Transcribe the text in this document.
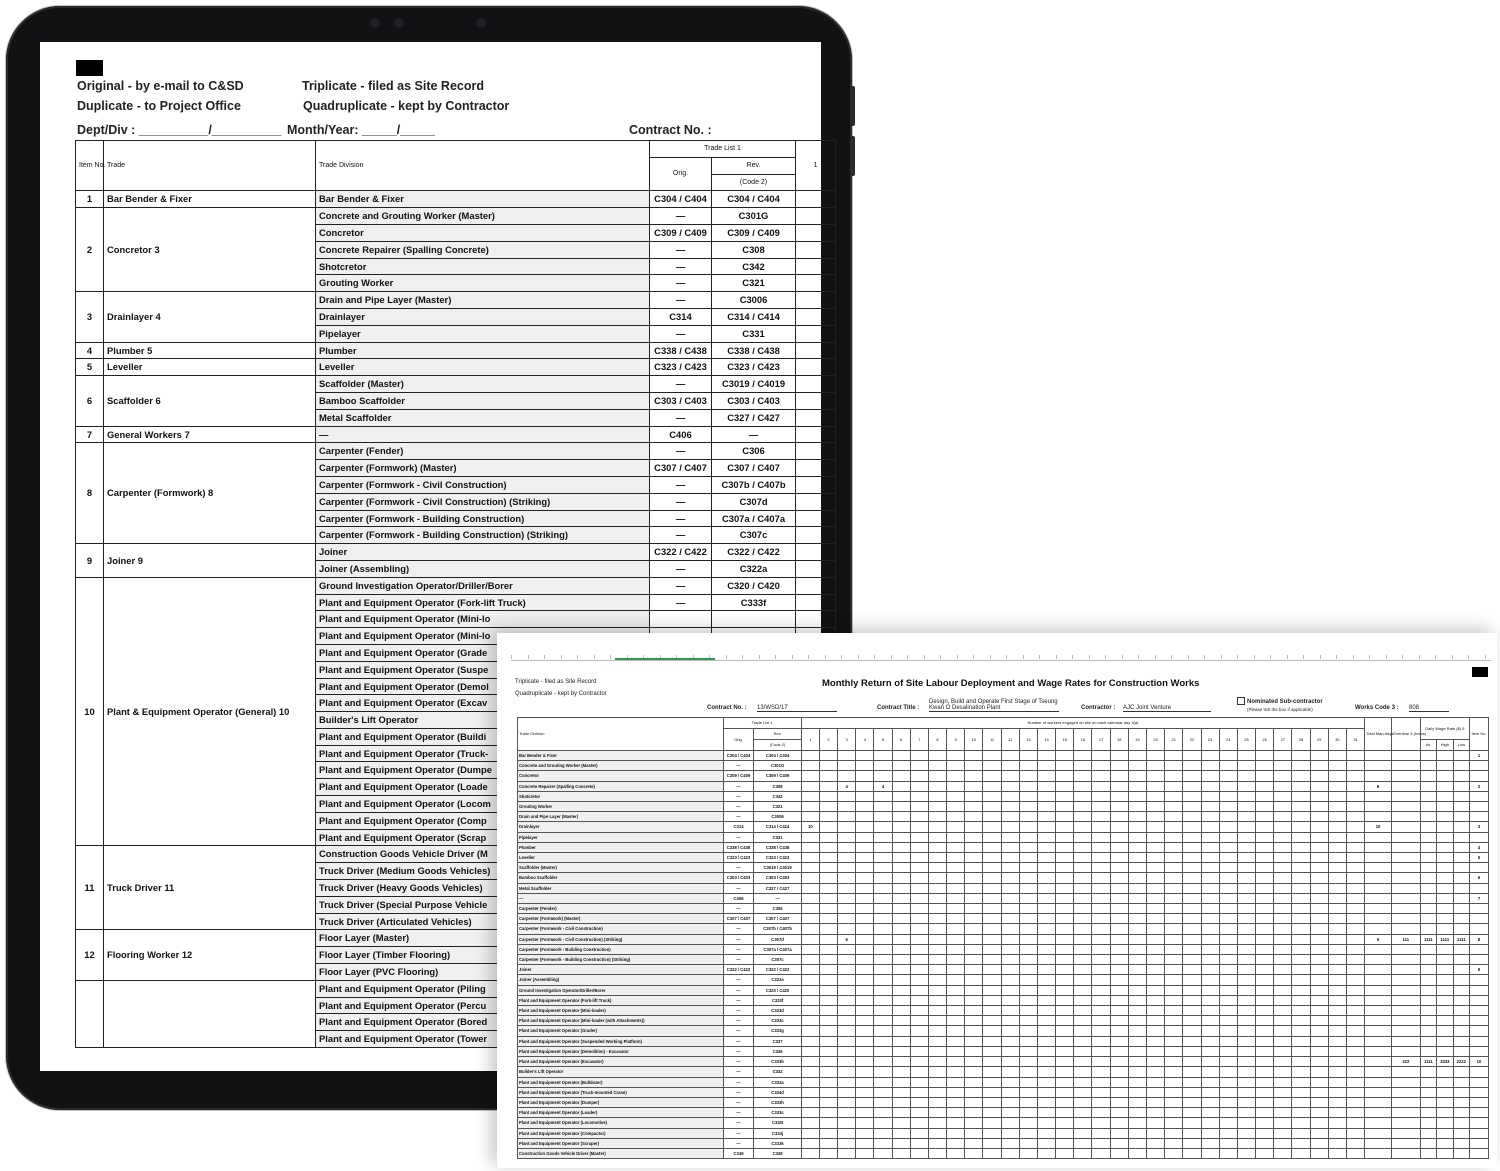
Original - by e-mail to C&SD	Triplicate - filed as Site Record
Duplicate - to Project Office	Quadruplicate - kept by Contractor
Dept/Div : __________/__________ Month/Year: _____/_____	Contract No. :
Item No.	Trade	Trade Division	Trade List 1		1
			Orig.	Rev.	
				(Code 2)	
1	Bar Bender & Fixer	Bar Bender & Fixer	C304 / C404	C304 / C404	
2	Concretor 3	Concrete and Grouting Worker (Master)	—	C301G	
		Concretor	C309 / C409	C309 / C409	
		Concrete Repairer (Spalling Concrete)	—	C308	
		Shotcretor	—	C342	
		Grouting Worker	—	C321	
3	Drainlayer 4	Drain and Pipe Layer (Master)	—	C3006	
		Drainlayer	C314	C314 / C414	
		Pipelayer	—	C331	
4	Plumber 5	Plumber	C338 / C438	C338 / C438	
5	Leveller	Leveller	C323 / C423	C323 / C423	
6	Scaffolder 6	Scaffolder (Master)	—	C3019 / C4019	
		Bamboo Scaffolder	C303 / C403	C303 / C403	
		Metal Scaffolder	—	C327 / C427	
7	General Workers 7	—	C406	—	
8	Carpenter (Formwork) 8	Carpenter (Fender)	—	C306	
		Carpenter (Formwork) (Master)	C307 / C407	C307 / C407	
		Carpenter (Formwork - Civil Construction)	—	C307b / C407b	
		Carpenter (Formwork - Civil Construction) (Striking)	—	C307d	
		Carpenter (Formwork - Building Construction)	—	C307a / C407a	
		Carpenter (Formwork - Building Construction) (Striking)	—	C307c	
9	Joiner 9	Joiner	C322 / C422	C322 / C422	
		Joiner (Assembling)	—	C322a	
10	Plant & Equipment Operator (General) 10	Ground Investigation Operator/Driller/Borer	—	C320 / C420	
		Plant and Equipment Operator (Fork-lift Truck)	—	C333f	
		Plant and Equipment Operator (Mini-lo			
		Plant and Equipment Operator (Mini-lo			
		Plant and Equipment Operator (Grade			
		Plant and Equipment Operator (Suspe			
		Plant and Equipment Operator (Demol			
		Plant and Equipment Operator (Excav			
		Builder's Lift Operator			
		Plant and Equipment Operator (Buildi			
		Plant and Equipment Operator (Truck-			
		Plant and Equipment Operator (Dumpe			
		Plant and Equipment Operator (Loade			
		Plant and Equipment Operator (Locom			
		Plant and Equipment Operator (Comp			
		Plant and Equipment Operator (Scrap			
11	Truck Driver 11	Construction Goods Vehicle Driver (M			
		Truck Driver (Medium Goods Vehicles)			
		Truck Driver (Heavy Goods Vehicles)			
		Truck Driver (Special Purpose Vehicle			
		Truck Driver (Articulated Vehicles)			
12	Flooring Worker 12	Floor Layer (Master)			
		Floor Layer (Timber Flooring)			
		Floor Layer (PVC Flooring)			
		Plant and Equipment Operator (Piling			
		Plant and Equipment Operator (Percu			
		Plant and Equipment Operator (Bored			
		Plant and Equipment Operator (Tower			
Triplicate - filed as Site Record
Quadruplicate - kept by Contractor
Monthly Return of Site Labour Deployment and Wage Rates for Construction Works
Contract No. : 13/WSD/17	Contract Title :
Design, Build and Operate First Stage of Tseung Kwan O Desalination Plant	Contractor : AJC Joint Venture
Nominated Sub-contractor
(Please tick the box if applicable)	Works Code 3 : 808
Trade Division	Trade List 1		Number of workers engaged on site on each calendar day 3(a)																															Total Man-days	Overtime 4 (hours)	Daily Wage Rate ($) 5			Item No.
	Orig.	Rev.	1	2	3	4	5	6	7	8	9	10	11	12	13	14	15	16	17	18	19	20	21	22	23	24	25	26	27	28	29	30	31						
		(Code 2)																																		Av.	High	Low	
Bar Bender & Fixer	C304 / C404	C304 / C404																																					1
Concrete and Grouting Worker (Master)	—	C301G																																					
Concretor	C309 / C409	C309 / C409																																					
Concrete Repairer (Spalling Concrete)	—	C308			4		4																											8					2
Shotcretor	—	C342																																					
Grouting Worker	—	C321																																					
Drain and Pipe Layer (Master)	—	C3006																																					
Drainlayer	C314	C314 / C414	10																															10					3
Pipelayer	—	C331																																					
Plumber	C338 / C438	C338 / C438																																					4
Leveller	C323 / C423	C323 / C423																																					5
Scaffolder (Master)	—	C3019 / C4019																																					
Bamboo Scaffolder	C303 / C403	C303 / C403																																					6
Metal Scaffolder	—	C327 / C427																																					
—	C406	—																																					7
Carpenter (Fender)	—	C306																																					
Carpenter (Formwork) (Master)	C307 / C407	C307 / C407																																					
Carpenter (Formwork - Civil Construction)	—	C307b / C407b																																					
Carpenter (Formwork - Civil Construction) (Striking)	—	C307d			6																													6	111	1111	1111	1111	8
Carpenter (Formwork - Building Construction)	—	C307a / C407a																																					
Carpenter (Formwork - Building Construction) (Striking)	—	C307c																																					
Joiner	C322 / C422	C322 / C422																																					9
Joiner (Assembling)	—	C322a																																					
Ground Investigation Operator/Driller/Borer	—	C320 / C420																																					
Plant and Equipment Operator (Fork-lift Truck)	—	C333f																																					
Plant and Equipment Operator (Mini-loader)	—	C333d																																					
Plant and Equipment Operator (Mini-loader (with Attachments))	—	C333c																																					
Plant and Equipment Operator (Grader)	—	C333g																																					
Plant and Equipment Operator (Suspended Working Platform)	—	C337																																					
Plant and Equipment Operator (Demolition) - Excavator	—	C336																																					
Plant and Equipment Operator (Excavator)	—	C333b																																	222	1111	3333	2222	10
Builder's Lift Operator	—	C332																																					
Plant and Equipment Operator (Bulldozer)	—	C333a																																					
Plant and Equipment Operator (Truck-mounted Crane)	—	C334d																																					
Plant and Equipment Operator (Dumper)	—	C333h																																					
Plant and Equipment Operator (Loader)	—	C333c																																					
Plant and Equipment Operator (Locomotive)	—	C333I																																					
Plant and Equipment Operator (Compactor)	—	C333j																																					
Plant and Equipment Operator (Scraper)	—	C333k																																					
Construction Goods Vehicle Driver (Master)	C349	C349																																					
